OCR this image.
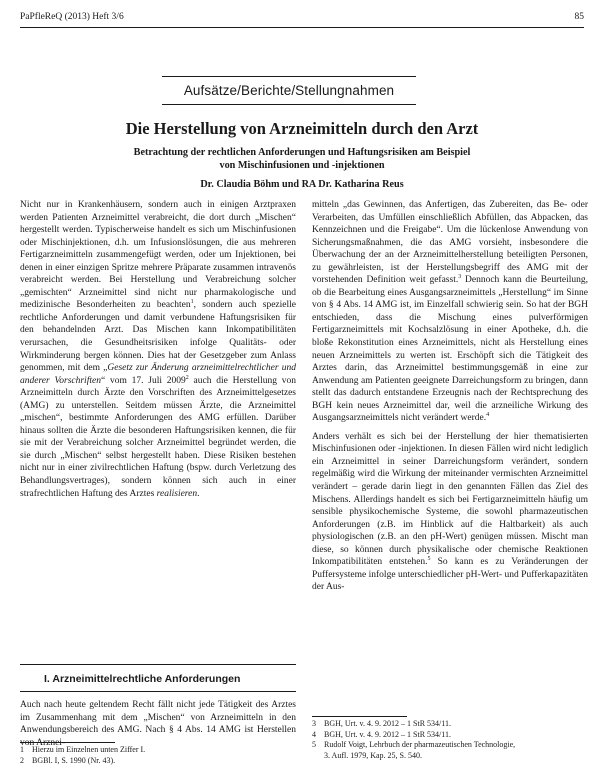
PaPfleReQ (2013) Heft 3/6	85
Aufsätze/Berichte/Stellungnahmen
Die Herstellung von Arzneimitteln durch den Arzt
Betrachtung der rechtlichen Anforderungen und Haftungsrisiken am Beispiel
von Mischinfusionen und -injektionen
Dr. Claudia Böhm und RA Dr. Katharina Reus

Nicht nur in Krankenhäusern, sondern auch in einigen Arztpraxen werden Patienten Arzneimittel verabreicht, die dort durch „Mischen“ hergestellt werden. Typischerweise handelt es sich um Mischinfusionen oder Mischinjektionen, d.h. um Infusionslösungen, die aus mehreren Fertigarzneimitteln zusammengefügt werden, oder um Injektionen, bei denen in einer einzigen Spritze mehrere Präparate zusammen intravenös verabreicht werden. Bei Herstellung und Verabreichung solcher „gemischten“ Arzneimittel sind nicht nur pharmakologische und medizinische Besonderheiten zu beachten$^1$, sondern auch spezielle rechtliche Anforderungen und damit verbundene Haftungsrisiken für den behandelnden Arzt. Das Mischen kann Inkompatibilitäten verursachen, die Gesundheitsrisiken infolge Qualitäts- oder Wirkminderung bergen können. Dies hat der Gesetzgeber zum Anlass genommen, mit dem „Gesetz zur Änderung arzneimittelrechtlicher und anderer Vorschriften“ vom 17. Juli 2009$^2$ auch die Herstellung von Arzneimitteln durch Ärzte den Vorschriften des Arzneimittelgesetzes (AMG) zu unterstellen. Seitdem müssen Ärzte, die Arzneimittel „mischen“, bestimmte Anforderungen des AMG erfüllen. Darüber hinaus sollten die Ärzte die besonderen Haftungsrisiken kennen, die für sie mit der Verabreichung solcher Arzneimittel begründet werden, die sie durch „Mischen“ selbst hergestellt haben. Diese Risiken bestehen nicht nur in einer zivilrechtlichen Haftung (bspw. durch Verletzung des Behandlungsvertrages), sondern können sich auch in einer strafrechtlichen Haftung des Arztes realisieren.

I. Arzneimittelrechtliche Anforderungen

Auch nach heute geltendem Recht fällt nicht jede Tätigkeit des Arztes im Zusammenhang mit dem „Mischen“ von Arzneimitteln in den Anwendungsbereich des AMG. Nach § 4 Abs. 14 AMG ist Herstellen

1 Hierzu im Einzelnen unten Ziffer I.
2 BGBl. I, S. 1990 (Nr. 43).

mitteln „das Gewinnen, das Anfertigen, das Zubereiten, das Be- oder Verarbeiten, das Umfüllen einschließlich Abfüllen, das Abpacken, das Kennzeichnen und die Freigabe“. Um die lückenlose Anwendung von Sicherungsmaßnahmen, die das AMG vorsieht, insbesondere die Überwachung der an der Arzneimittelherstellung beteiligten Personen, zu gewährleisten, ist der Herstellungsbegriff des AMG mit der vorstehenden Definition weit gefasst.$^3$ Dennoch kann die Beurteilung, ob die Bearbeitung eines Ausgangsarzneimittels „Herstellung“ im Sinne von § 4 Abs. 14 AMG ist, im Einzelfall schwierig sein. So hat der BGH entschieden, dass die Mischung eines pulverförmigen Fertigarzneimittels mit Kochsalzlösung in einer Apotheke, d.h. die bloße Rekonstitution eines Arzneimittels, nicht als Herstellung eines neuen Arzneimittels zu werten ist. Erschöpft sich die Tätigkeit des Arztes darin, das Arzneimittel bestimmungsgemäß in eine zur Anwendung am Patienten geeignete Darreichungsform zu bringen, dann stellt das dadurch entstandene Erzeugnis nach der Rechtsprechung des BGH kein neues Arzneimittel dar, weil die arzneiliche Wirkung des Ausgangsarzneimittels nicht verändert werde.$^4$

Anders verhält es sich bei der Herstellung der hier thematisierten Mischinfusionen oder -injektionen. In diesen Fällen wird nicht lediglich ein Arzneimittel in seiner Darreichungsform verändert, sondern regelmäßig wird die Wirkung der miteinander vermischten Arzneimittel verändert – gerade darin liegt in den genannten Fällen das Ziel des Mischens. Allerdings handelt es sich bei Fertigarzneimitteln häufig um sensible physikochemische Systeme, die sowohl pharmazeutischen Anforderungen (z.B. im Hinblick auf die Haltbarkeit) als auch physiologischen (z.B. an den pH-Wert) genügen müssen. Mischt man diese, so können durch physikalische oder chemische Reaktionen Inkompatibilitäten entstehen.$^5$ So kann es zu Veränderungen der Puffersysteme infolge unterschiedlicher pH-Wert- und Pufferkapazitäten der Aus-

3 BGH, Urt. v. 4. 9. 2012 – 1 StR 534/11.
4 BGH, Urt. v. 4. 9. 2012 – 1 StR 534/11.
5 Rudolf Voigt, Lehrbuch der pharmazeutischen Technologie,
3. Aufl. 1979, Kap. 25, S. 540.
